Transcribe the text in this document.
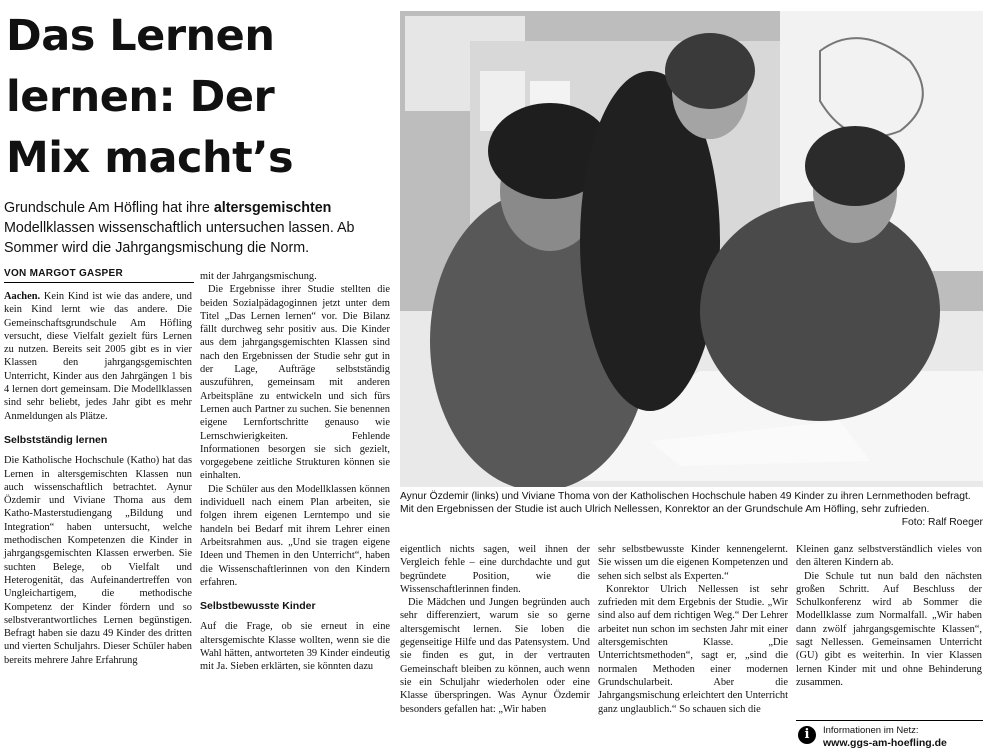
Das Lernen
lernen: Der
Mix macht’s

Grundschule Am Höfling hat ihre altersgemischten Modellklassen wissenschaftlich untersuchen lassen. Ab Sommer wird die Jahrgangsmischung die Norm.

VON MARGOT GASPER

Aachen. Kein Kind ist wie das andere, und kein Kind lernt wie das andere. Die Gemeinschaftsgrundschule Am Höfling versucht, diese Vielfalt gezielt fürs Lernen zu nutzen. Bereits seit 2005 gibt es in vier Klassen den jahrgangsgemischten Unterricht, Kinder aus den Jahrgängen 1 bis 4 lernen dort gemeinsam. Die Modellklassen sind sehr beliebt, jedes Jahr gibt es mehr Anmeldungen als Plätze.

Selbstständig lernen

Die Katholische Hochschule (Katho) hat das Lernen in altersgemischten Klassen nun auch wissenschaftlich betrachtet. Aynur Özdemir und Viviane Thoma aus dem Katho-Masterstudiengang „Bildung und Integration“ haben untersucht, welche methodischen Kompetenzen die Kinder in jahrgangsgemischten Klassen erwerben. Sie suchten Belege, ob Vielfalt und Heterogenität, das Aufeinandertreffen von Ungleichartigem, die methodische Kompetenz der Kinder fördern und so selbstverantwortliches Lernen begünstigen. Befragt haben sie dazu 49 Kinder des dritten und vierten Schuljahrs. Dieser Schüler haben bereits mehrere Jahre Erfahrung

mit der Jahrgangsmischung.

Die Ergebnisse ihrer Studie stellten die beiden Sozialpädagoginnen jetzt unter dem Titel „Das Lernen lernen“ vor. Die Bilanz fällt durchweg sehr positiv aus. Die Kinder aus dem jahrgangsgemischten Klassen sind nach den Ergebnissen der Studie sehr gut in der Lage, Aufträge selbstständig auszuführen, gemeinsam mit anderen Arbeitspläne zu entwickeln und sich fürs Lernen auch Partner zu suchen. Sie benennen eigene Lernfortschritte genauso wie Lernschwierigkeiten. Fehlende Informationen besorgen sie sich gezielt, vorgegebene zeitliche Strukturen können sie einhalten.

Die Schüler aus den Modellklassen können individuell nach einem Plan arbeiten, sie folgen ihrem eigenen Lerntempo und sie handeln bei Bedarf mit ihrem Lehrer einen Arbeitsrahmen aus. „Und sie tragen eigene Ideen und Themen in den Unterricht“, haben die Wissenschaftlerinnen von den Kindern erfahren.

Selbstbewusste Kinder

Auf die Frage, ob sie erneut in eine altersgemischte Klasse wollten, wenn sie die Wahl hätten, antworteten 39 Kinder eindeutig mit Ja. Sieben erklärten, sie könnten dazu

Aynur Özdemir (links) und Viviane Thoma von der Katholischen Hochschule haben 49 Kinder zu ihren Lernmethoden befragt. Mit den Ergebnissen der Studie ist auch Ulrich Nellessen, Konrektor an der Grundschule Am Höfling, sehr zufrieden.
Foto: Ralf Roeger

eigentlich nichts sagen, weil ihnen der Vergleich fehle – eine durchdachte und gut begründete Position, wie die Wissenschaftlerinnen finden.

Die Mädchen und Jungen begründen auch sehr differenziert, warum sie so gerne altersgemischt lernen. Sie loben die gegenseitige Hilfe und das Patensystem. Und sie finden es gut, in der vertrauten Gemeinschaft bleiben zu können, auch wenn sie ein Schuljahr wiederholen oder eine Klasse überspringen. Was Aynur Özdemir besonders gefallen hat: „Wir haben

sehr selbstbewusste Kinder kennengelernt. Sie wissen um die eigenen Kompetenzen und sehen sich selbst als Experten.“

Konrektor Ulrich Nellessen ist sehr zufrieden mit dem Ergebnis der Studie. „Wir sind also auf dem richtigen Weg.“ Der Lehrer arbeitet nun schon im sechsten Jahr mit einer altersgemischten Klasse. „Die Unterrichtsmethoden“, sagt er, „sind die normalen Methoden einer modernen Grundschularbeit. Aber die Jahrgangsmischung erleichtert den Unterricht ganz unglaublich.“ So schauen sich die

Kleinen ganz selbstverständlich vieles von den älteren Kindern ab.

Die Schule tut nun bald den nächsten großen Schritt. Auf Beschluss der Schulkonferenz wird ab Sommer die Modellklasse zum Normalfall. „Wir haben dann zwölf jahrgangsgemischte Klassen“, sagt Nellessen. Gemeinsamen Unterricht (GU) gibt es weiterhin. In vier Klassen lernen Kinder mit und ohne Behinderung zusammen.

i	Informationen im Netz:
www.ggs-am-hoefling.de
